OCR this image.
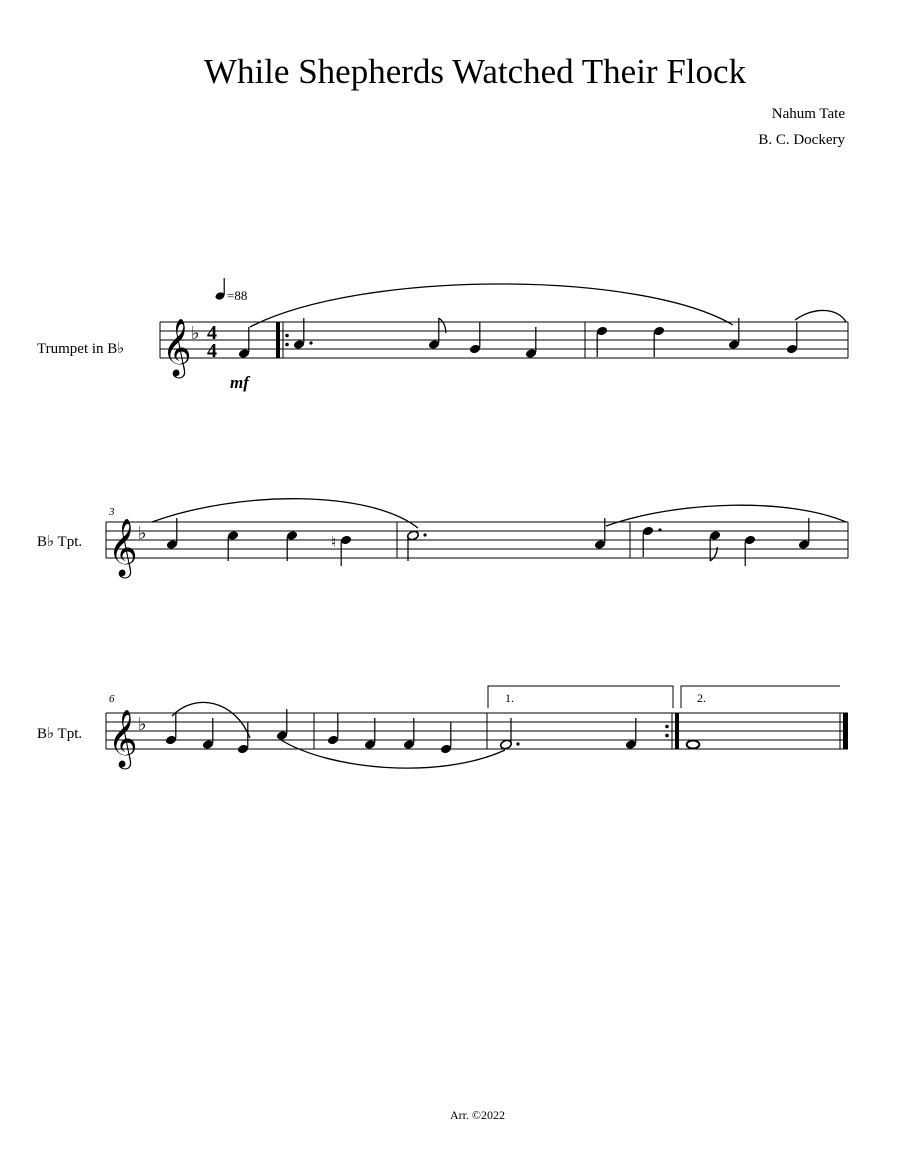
While Shepherds Watched Their Flock
Nahum Tate
B. C. Dockery
=88
Trumpet in B♭ 𝄞 ♭ 4
4
mf
3
B♭ Tpt. 𝄞 ♭	♮
6
B♭ Tpt. 𝄞 ♭
1.	2.
Arr. ©2022
